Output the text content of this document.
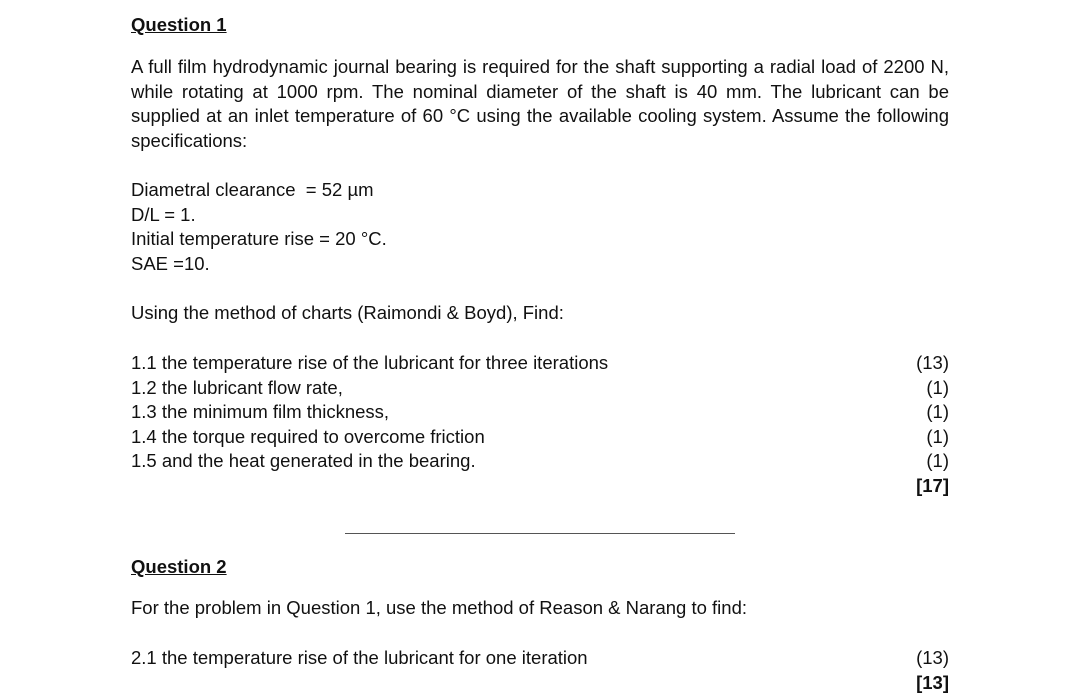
Question 1

A full film hydrodynamic journal bearing is required for the shaft supporting a radial load of 2200 N, while rotating at 1000 rpm. The nominal diameter of the shaft is 40 mm. The lubricant can be supplied at an inlet temperature of 60 °C using the available cooling system. Assume the following specifications:

Diametral clearance  = 52 µm

D/L = 1.

Initial temperature rise = 20 °C.

SAE =10.

Using the method of charts (Raimondi & Boyd), Find:

1.1 the temperature rise of the lubricant for three iterations	(13)
1.2 the lubricant flow rate,	(1)
1.3 the minimum film thickness,	(1)
1.4 the torque required to overcome friction	(1)
1.5 and the heat generated in the bearing.	(1)

[17]

Question 2

For the problem in Question 1, use the method of Reason & Narang to find:

2.1 the temperature rise of the lubricant for one iteration	(13)

[13]
